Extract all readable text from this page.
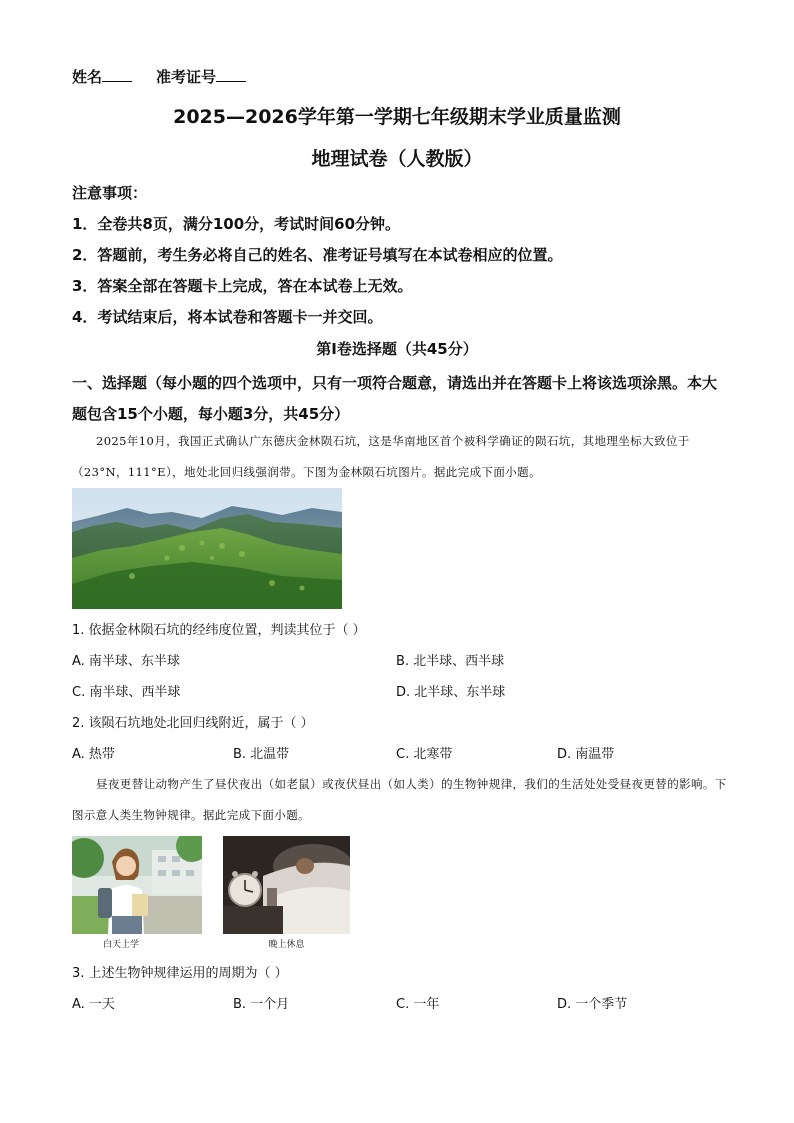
姓名	准考证号
2025—2026学年第一学期七年级期末学业质量监测
地理试卷（人教版）
注意事项：
1．全卷共8页，满分100分，考试时间60分钟。
2．答题前，考生务必将自己的姓名、准考证号填写在本试卷相应的位置。
3．答案全部在答题卡上完成，答在本试卷上无效。
4．考试结束后，将本试卷和答题卡一并交回。
第Ⅰ卷选择题（共45分）
一、选择题（每小题的四个选项中，只有一项符合题意，请选出并在答题卡上将该选项涂黑。本大题包含15个小题，每小题3分，共45分）
2025年10月，我国正式确认广东德庆金林陨石坑，这是华南地区首个被科学确证的陨石坑，其地理坐标大致位于（23°N，111°E），地处北回归线强润带。下图为金林陨石坑图片。据此完成下面小题。
1. 依据金林陨石坑的经纬度位置，判读其位于（ ）
A. 南半球、东半球	B. 北半球、西半球
C. 南半球、西半球	D. 北半球、东半球
2. 该陨石坑地处北回归线附近，属于（ ）
A. 热带	B. 北温带	C. 北寒带	D. 南温带
昼夜更替让动物产生了昼伏夜出（如老鼠）或夜伏昼出（如人类）的生物钟规律，我们的生活处处受昼夜更替的影响。下图示意人类生物钟规律。据此完成下面小题。
白天上学	晚上休息
3. 上述生物钟规律运用的周期为（ ）
A. 一天	B. 一个月	C. 一年	D. 一个季节
